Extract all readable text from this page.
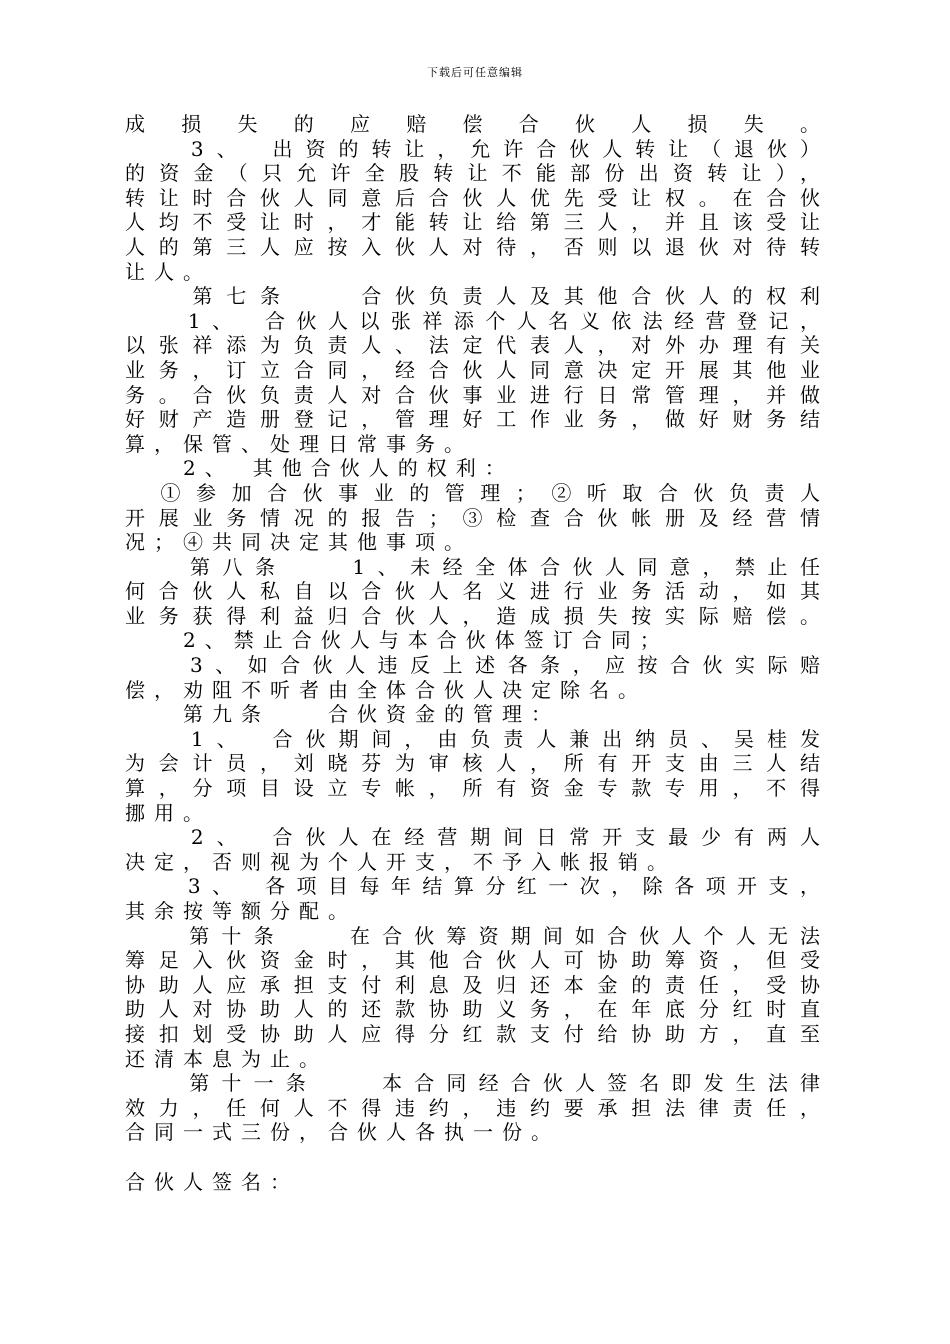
下载后可任意编辑
成损失的应赔偿合伙人损失。
　　3、　出资的转让，允许合伙人转让（退伙）
的资金（只允许全股转让不能部份出资转让），
转让时合伙人同意后合伙人优先受让权。在合伙
人均不受让时，才能转让给第三人，并且该受让
人的第三人应按入伙人对待，否则以退伙对待转
让人。
　　第七条　　合伙负责人及其他合伙人的权利
　　1、　合伙人以张祥添个人名义依法经营登记，
以张祥添为负责人、法定代表人，对外办理有关
业务，订立合同，经合伙人同意决定开展其他业
务。合伙负责人对合伙事业进行日常管理，并做
好财产造册登记，管理好工作业务，做好财务结
算，保管、处理日常事务。
　　2、　其他合伙人的权利：
　①参加合伙事业的管理；②听取合伙负责人
开展业务情况的报告；③检查合伙帐册及经营情
况；④共同决定其他事项。
　　第八条　　1、未经全体合伙人同意，禁止任
何合伙人私自以合伙人名义进行业务活动，如其
业务获得利益归合伙人，造成损失按实际赔偿。
　　2、禁止合伙人与本合伙体签订合同；
　　3、如合伙人违反上述各条，应按合伙实际赔
偿，劝阻不听者由全体合伙人决定除名。
　　第九条　　合伙资金的管理：
　　1、　合伙期间，由负责人兼出纳员、吴桂发
为会计员，刘晓芬为审核人，所有开支由三人结
算，分项目设立专帐，所有资金专款专用，不得
挪用。
　　2、　合伙人在经营期间日常开支最少有两人
决定，否则视为个人开支，不予入帐报销。
　　3、　各项目每年结算分红一次，除各项开支，
其余按等额分配。
　　第十条　　在合伙筹资期间如合伙人个人无法
筹足入伙资金时，其他合伙人可协助筹资，但受
协助人应承担支付利息及归还本金的责任，受协
助人对协助人的还款协助义务，在年底分红时直
接扣划受协助人应得分红款支付给协助方，直至
还清本息为止。
　　第十一条　　本合同经合伙人签名即发生法律
效力，任何人不得违约，违约要承担法律责任，
合同一式三份，合伙人各执一份。
合伙人签名：
